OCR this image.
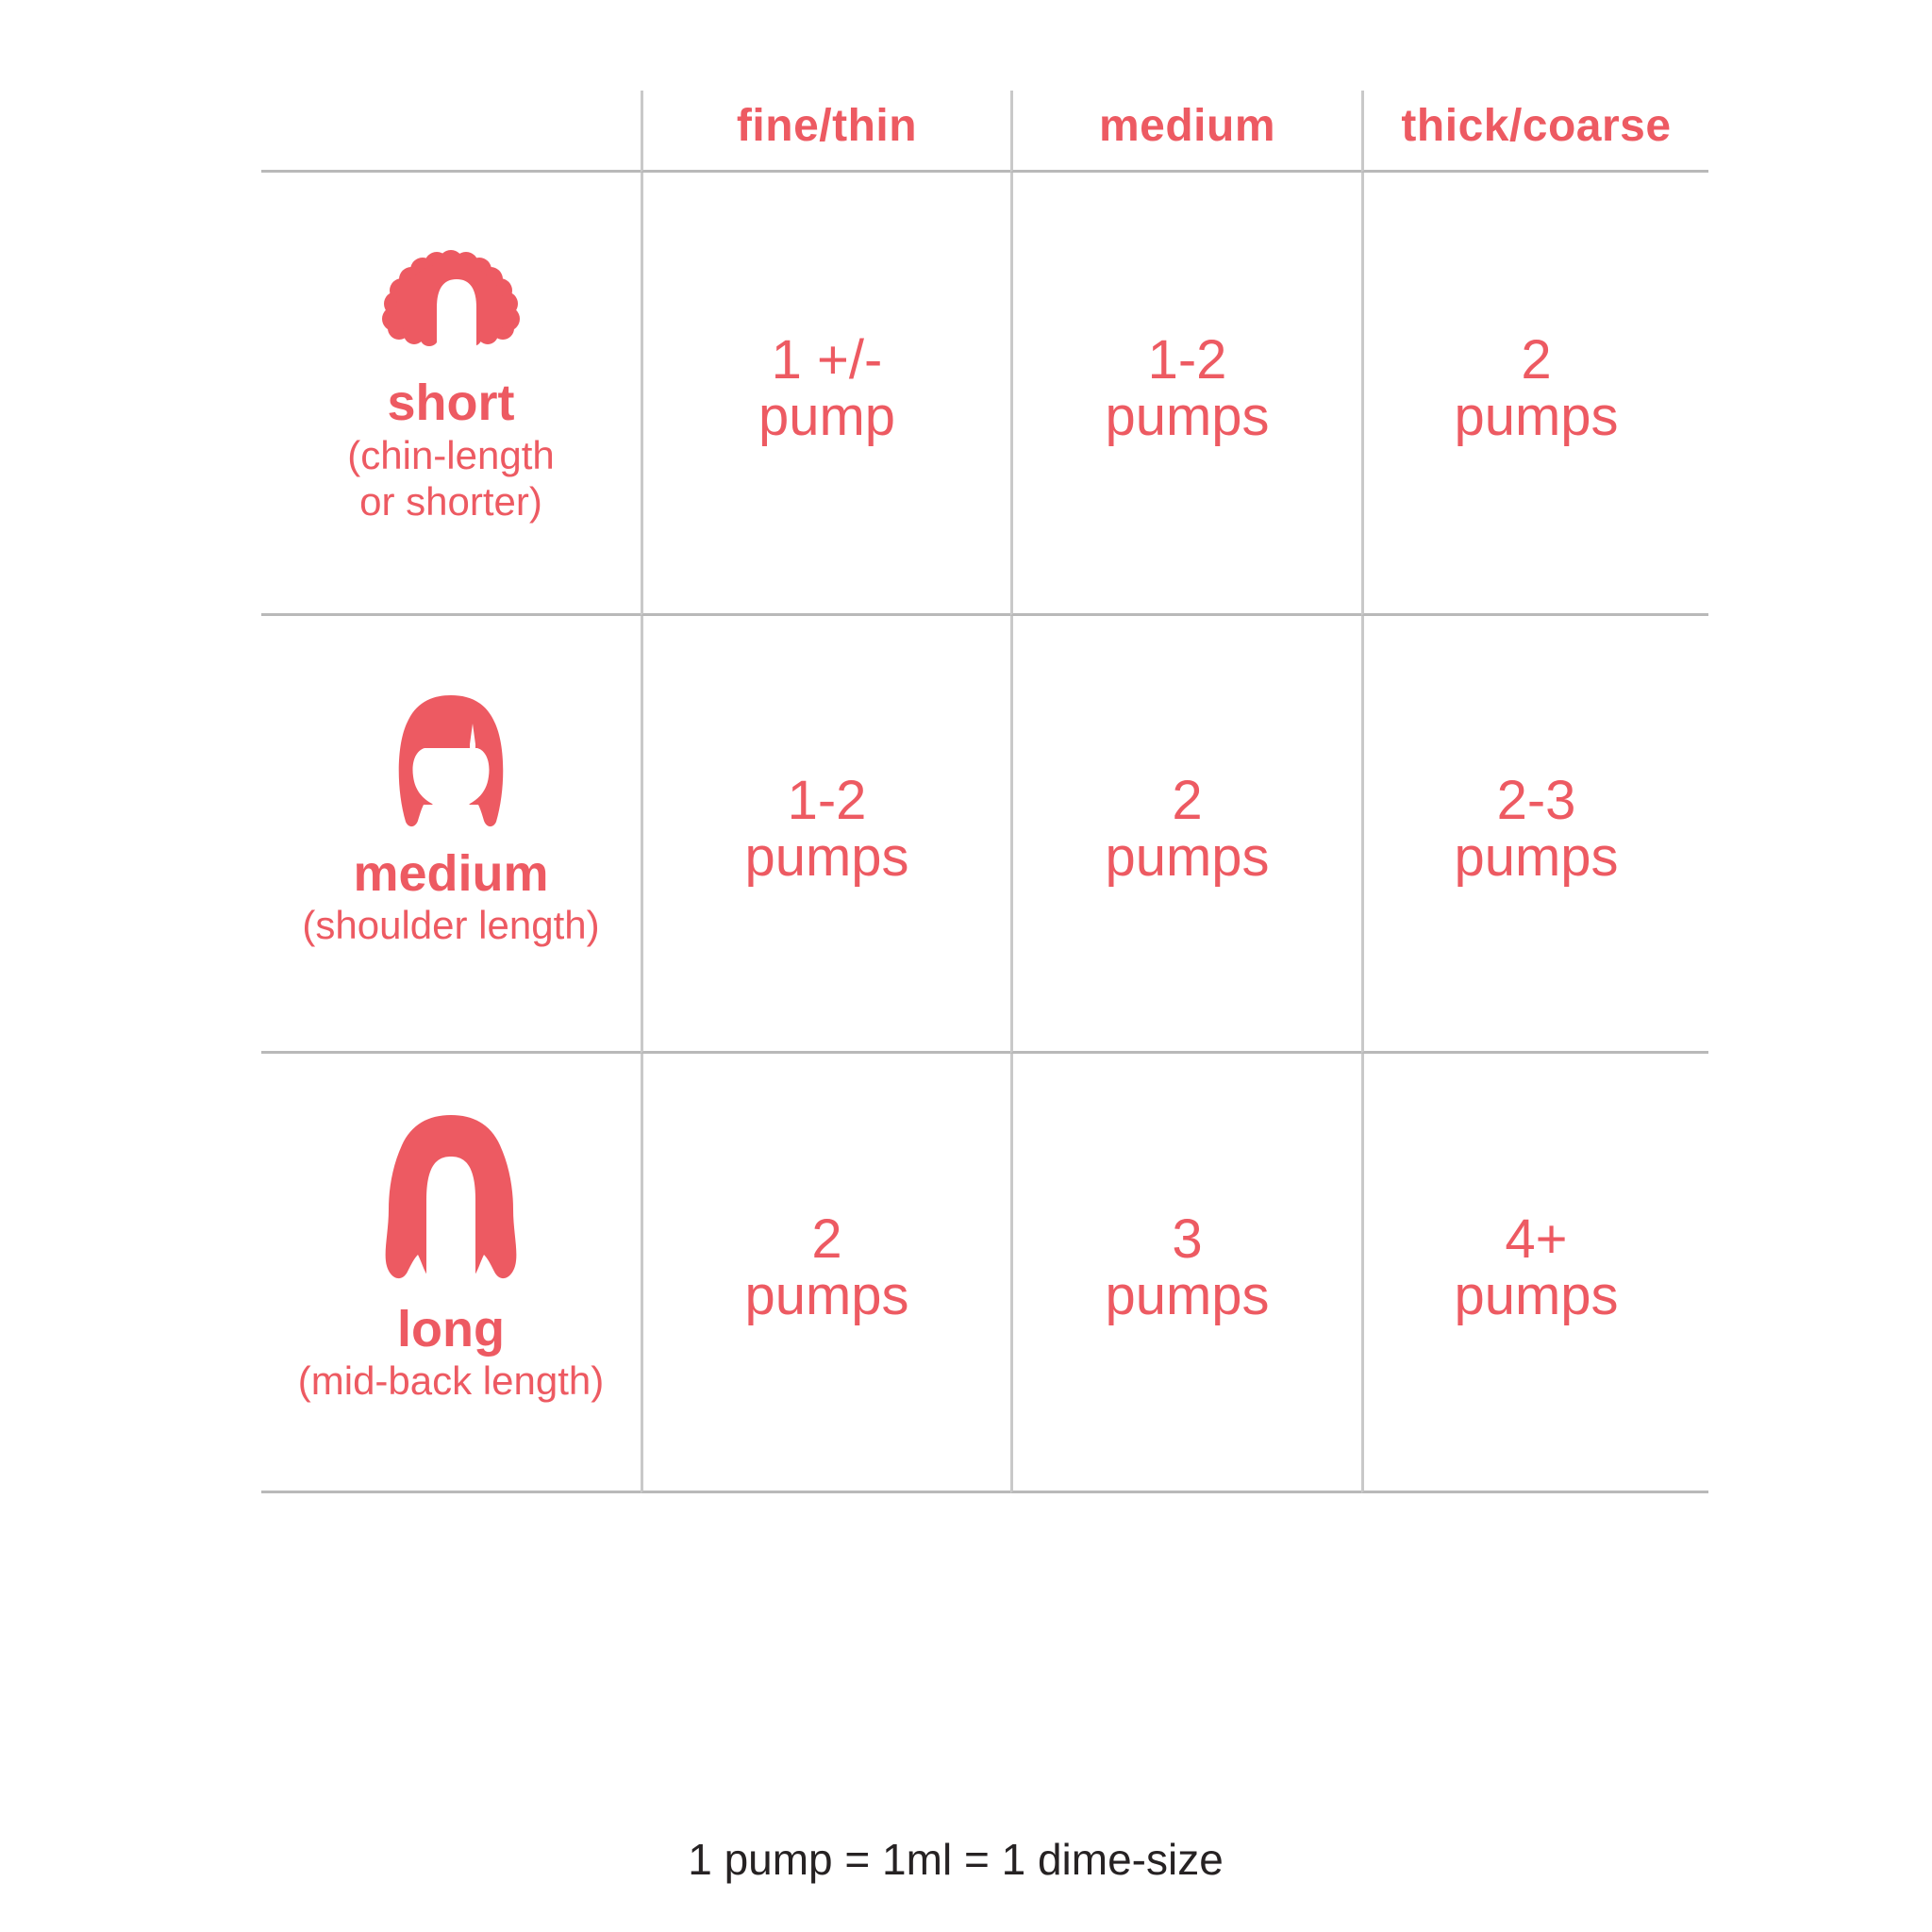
fine/thin	medium	thick/coarse
short
(chin-length
or shorter)
1 +/-
pump
1-2
pumps
2
pumps
medium
(shoulder length)
1-2
pumps
2
pumps
2-3
pumps
long
(mid-back length)
2
pumps
3
pumps
4+
pumps
1 pump = 1ml = 1 dime-size
